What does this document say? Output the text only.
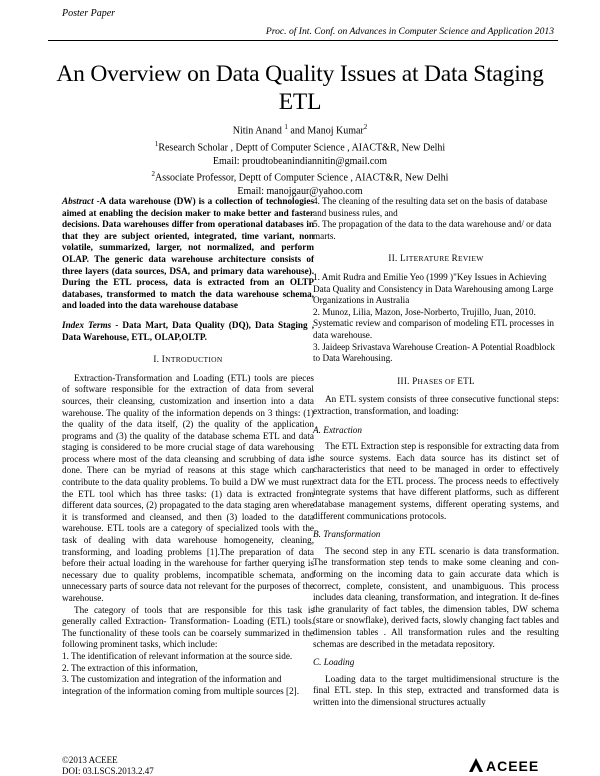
Poster Paper
Proc. of Int. Conf. on Advances in Computer Science and Application 2013
An Overview on Data Quality Issues at Data Staging ETL
Nitin Anand $^1$ and Manoj Kumar$^2$
$^1$Research Scholar , Deptt of Computer Science , AIACT&R, New Delhi
Email: proudtobeanindiannitin@gmail.com
$^2$Associate Professor, Deptt of Computer Science , AIACT&R, New Delhi
Email: manojgaur@yahoo.com

Abstract -A data warehouse (DW) is a collection of technologies aimed at enabling the decision maker to make better and faster decisions. Data warehouses differ from operational databases in that they are subject oriented, integrated, time variant, non volatile, summarized, larger, not normalized, and perform OLAP. The generic data warehouse architecture consists of three layers (data sources, DSA, and primary data warehouse). During the ETL process, data is extracted from an OLTP databases, transformed to match the data warehouse schema, and loaded into the data warehouse database

Index Terms - Data Mart, Data Quality (DQ), Data Staging , Data Warehouse, ETL, OLAP,OLTP.

I. INTRODUCTION

Extraction-Transformation and Loading (ETL) tools are pieces of software responsible for the extraction of data from several sources, their cleansing, customization and insertion into a data warehouse. The quality of the information depends on 3 things: (1) the quality of the data itself, (2) the quality of the application programs and (3) the quality of the database schema ETL and data staging is considered to be more crucial stage of data warehousing process where most of the data cleansing and scrubbing of data is done. There can be myriad of reasons at this stage which can contribute to the data quality problems. To build a DW we must run the ETL tool which has three tasks: (1) data is extracted from different data sources, (2) propagated to the data staging aren where it is transformed and cleansed, and then (3) loaded to the data warehouse. ETL tools are a category of specialized tools with the task of dealing with data warehouse homogeneity, cleaning, transforming, and loading problems [1].The preparation of data before their actual loading in the warehouse for farther querying is necessary due to quality problems, incompatible schemata, and unnecessary parts of source data not relevant for the purposes of the warehouse.

The category of tools that are responsible for this task is generally called Extraction- Transformation- Loading (ETL) tools. The functionality of these tools can be coarsely summarized in the following prominent tasks, which include:

1. The identification of relevant information at the source side.

2. The extraction of this information,

3. The customization and integration of the information and integration of the information coming from multiple sources [2].

4. The cleaning of the resulting data set on the basis of database and business rules, and

5. The propagation of the data to the data warehouse and/ or data marts.

II. LITERATURE REVIEW

1. Amit Rudra and Emilie Yeo (1999 )"Key Issues in Achieving Data Quality and Consistency in Data Warehousing among Large Organizations in Australia

2. Munoz, Lilia, Mazon, Jose-Norberto, Trujillo, Juan, 2010. Systematic review and comparison of modeling ETL processes in data warehouse.

3. Jaideep Srivastava Warehouse Creation- A Potential Roadblock to Data Warehousing.

III. PHASES OF ETL

An ETL system consists of three consecutive functional steps: extraction, transformation, and loading:

A. Extraction

The ETL Extraction step is responsible for extracting data from the source systems. Each data source has its distinct set of characteristics that need to be managed in order to effectively extract data for the ETL process. The process needs to effectively integrate systems that have different platforms, such as different database management systems, different operating systems, and different communications protocols.

B. Transformation

The second step in any ETL scenario is data transformation. The transformation step tends to make some cleaning and con-forming on the incoming data to gain accurate data which is correct, complete, consistent, and unambiguous. This process includes data cleaning, transformation, and integration. It de-fines the granularity of fact tables, the dimension tables, DW schema (stare or snowflake), derived facts, slowly changing fact tables and dimension tables . All transformation rules and the resulting schemas are described in the metadata repository.

C. Loading

Loading data to the target multidimensional structure is the final ETL step. In this step, extracted and transformed data is written into the dimensional structures actually

©2013 ACEEE
DOI: 03.LSCS.2013.2.47	ACEEE
